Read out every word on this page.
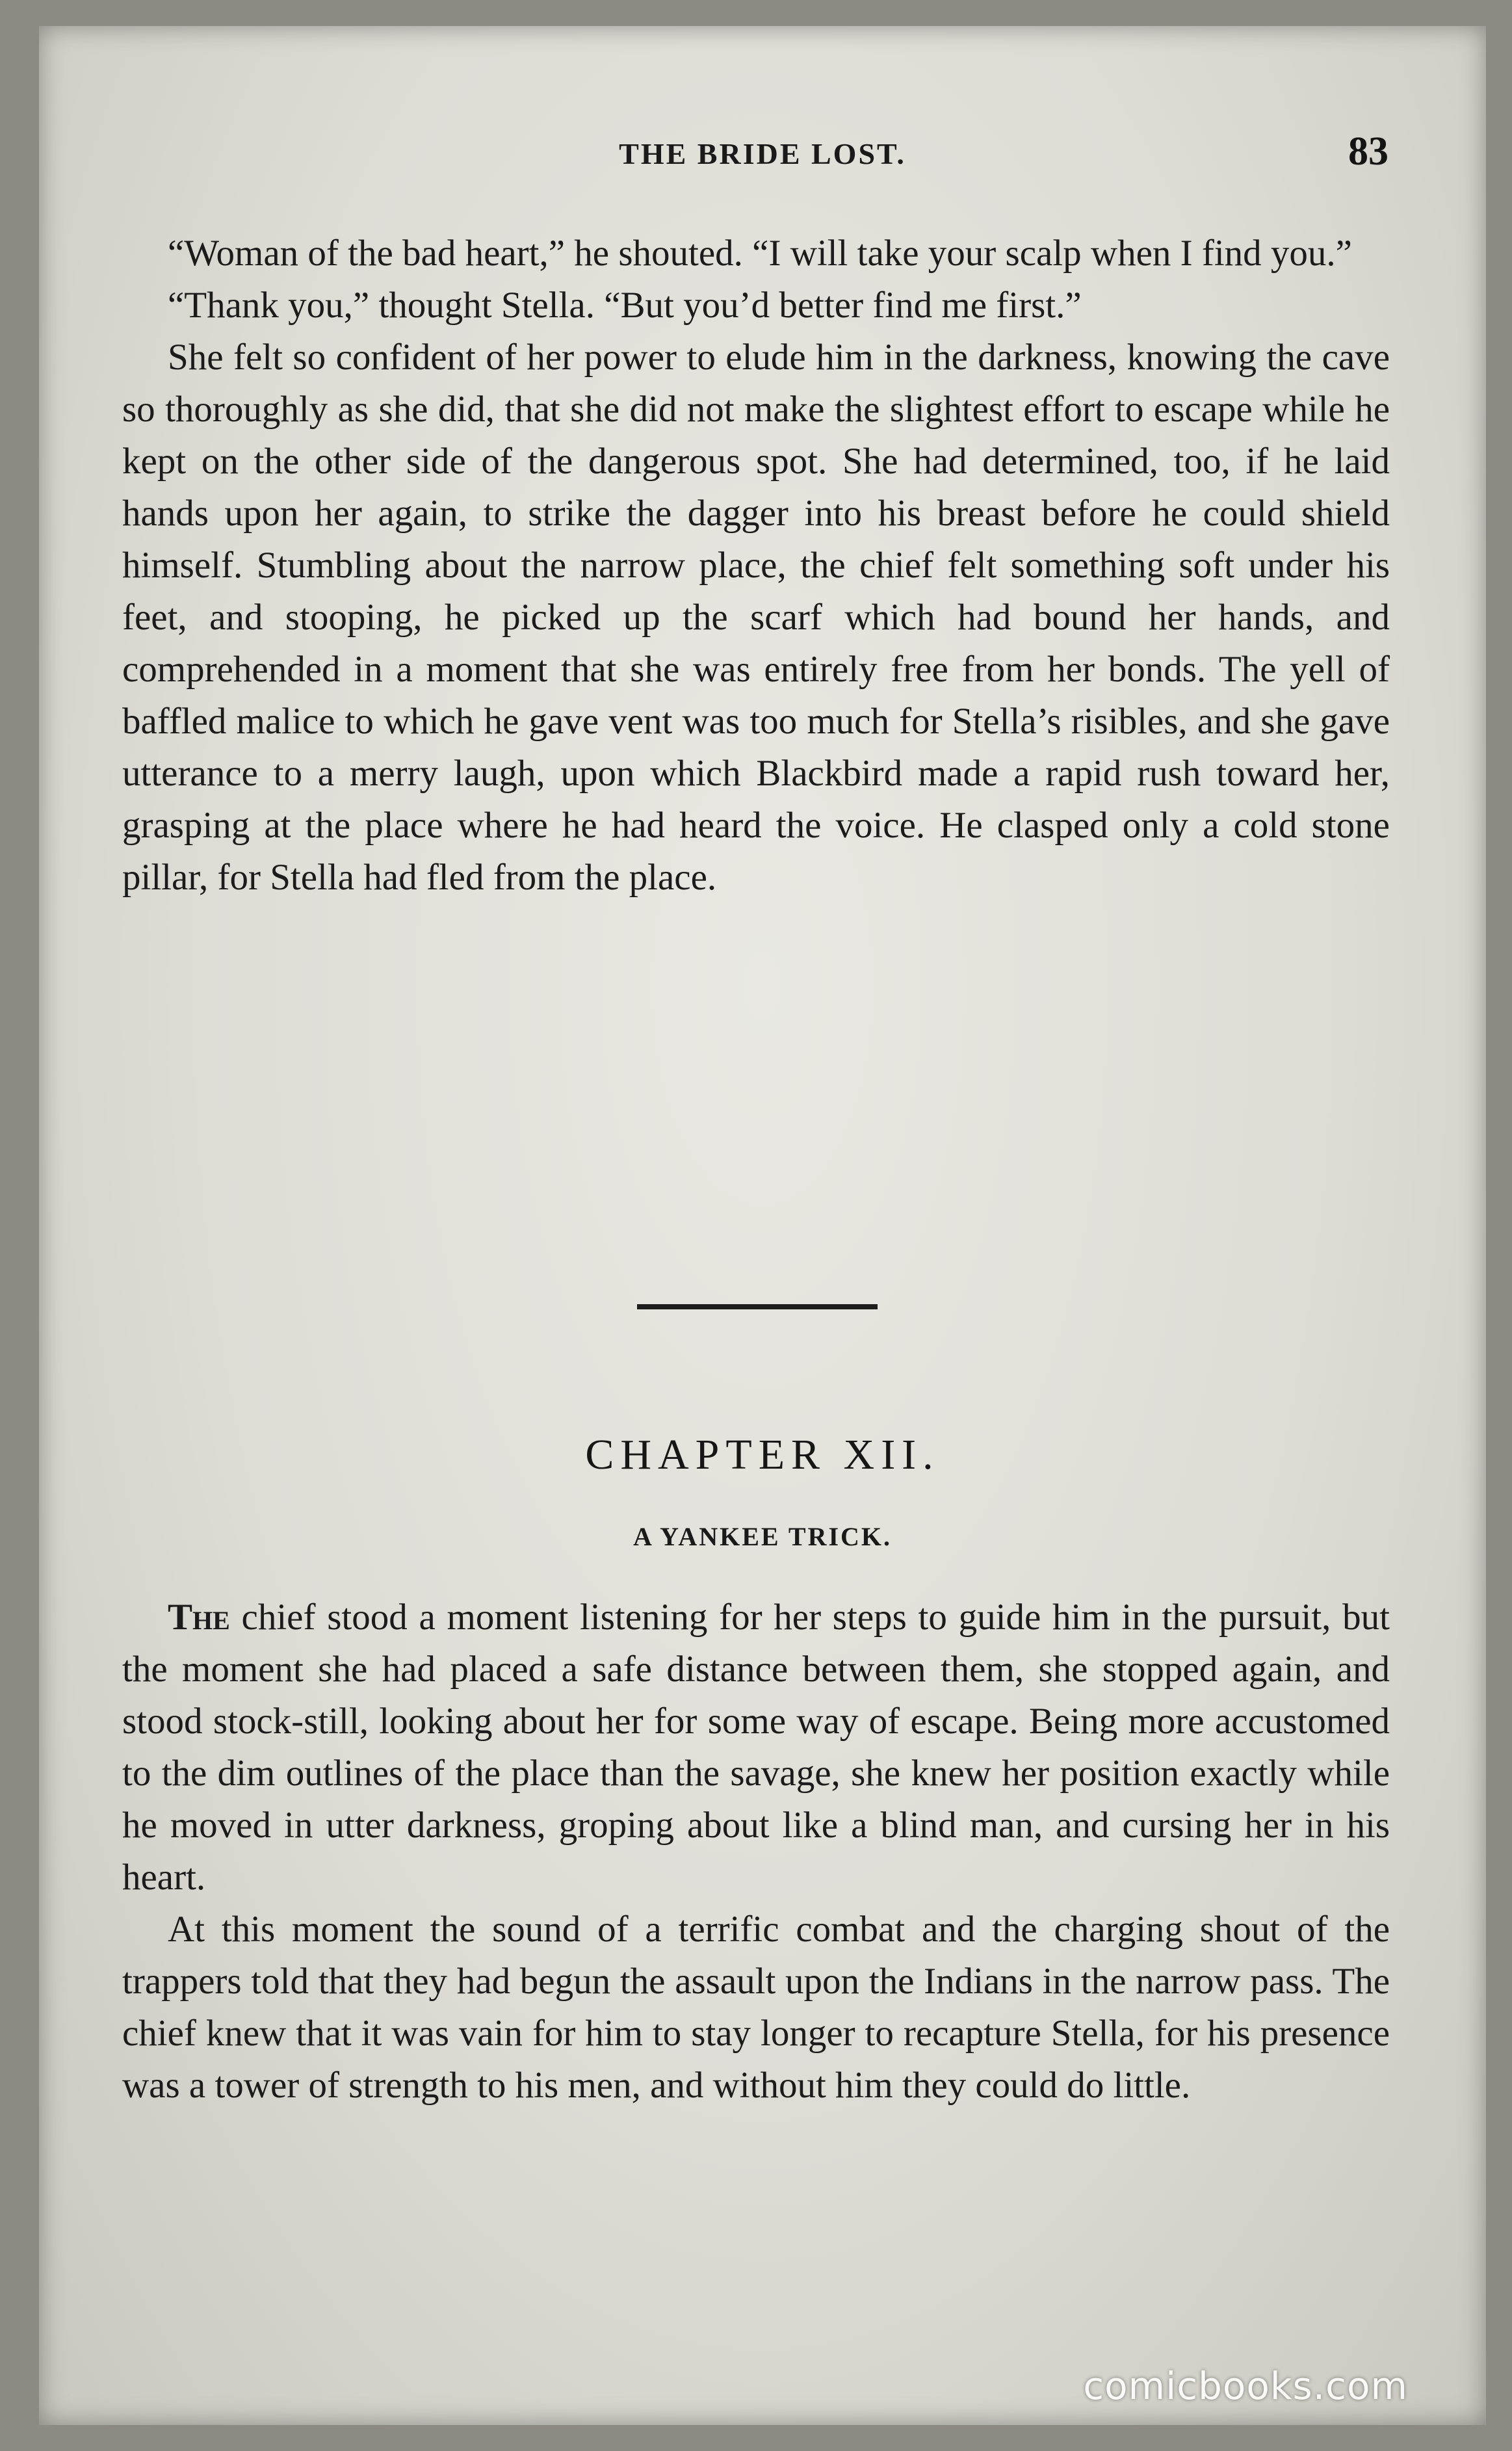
THE BRIDE LOST.	83

“Woman of the bad heart,” he shouted. “I will take your scalp when I find you.”

“Thank you,” thought Stella. “But you’d better find me first.”

She felt so confident of her power to elude him in the darkness, knowing the cave so thoroughly as she did, that she did not make the slightest effort to escape while he kept on the other side of the dangerous spot. She had determined, too, if he laid hands upon her again, to strike the dagger into his breast before he could shield himself. Stumbling about the narrow place, the chief felt something soft under his feet, and stooping, he picked up the scarf which had bound her hands, and comprehended in a moment that she was entirely free from her bonds. The yell of baffled malice to which he gave vent was too much for Stella’s risibles, and she gave utterance to a merry laugh, upon which Blackbird made a rapid rush toward her, grasping at the place where he had heard the voice. He clasped only a cold stone pillar, for Stella had fled from the place.

CHAPTER XII.
A YANKEE TRICK.

The chief stood a moment listening for her steps to guide him in the pursuit, but the moment she had placed a safe distance between them, she stopped again, and stood stock-still, looking about her for some way of escape. Being more accustomed to the dim outlines of the place than the savage, she knew her position exactly while he moved in utter darkness, groping about like a blind man, and cursing her in his heart.

At this moment the sound of a terrific combat and the charging shout of the trappers told that they had begun the assault upon the Indians in the narrow pass. The chief knew that it was vain for him to stay longer to recapture Stella, for his presence was a tower of strength to his men, and without him they could do little.

comicbooks.com
